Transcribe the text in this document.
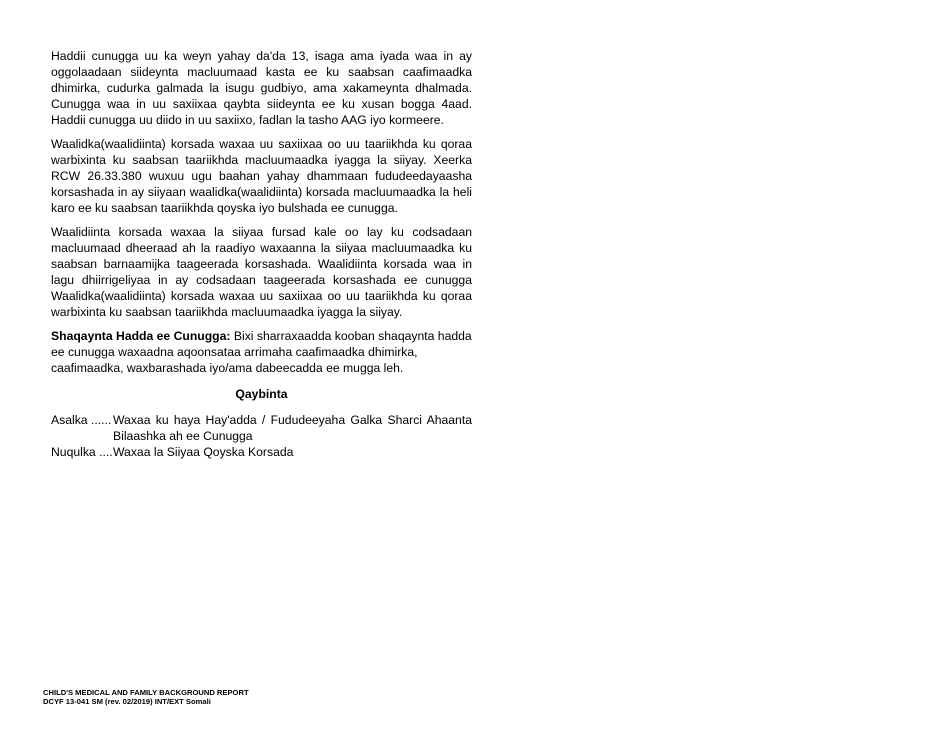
Haddii cunugga uu ka weyn yahay da'da 13, isaga ama iyada waa in ay oggolaadaan siideynta macluumaad kasta ee ku saabsan caafimaadka dhimirka, cudurka galmada la isugu gudbiyo, ama xakameynta dhalmada. Cunugga waa in uu saxiixaa qaybta siideynta ee ku xusan bogga 4aad. Haddii cunugga uu diido in uu saxiixo, fadlan la tasho AAG iyo kormeere.

Waalidka(waalidiinta) korsada waxaa uu saxiixaa oo uu taariikhda ku qoraa warbixinta ku saabsan taariikhda macluumaadka iyagga la siiyay. Xeerka RCW 26.33.380 wuxuu ugu baahan yahay dhammaan fududeedayaasha korsashada in ay siiyaan waalidka(waalidiinta) korsada macluumaadka la heli karo ee ku saabsan taariikhda qoyska iyo bulshada ee cunugga.

Waalidiinta korsada waxaa la siiyaa fursad kale oo lay ku codsadaan macluumaad dheeraad ah la raadiyo waxaanna la siiyaa macluumaadka ku saabsan barnaamijka taageerada korsashada. Waalidiinta korsada waa in lagu dhiirrigeliyaa in ay codsadaan taageerada korsashada ee cunugga Waalidka(waalidiinta) korsada waxaa uu saxiixaa oo uu taariikhda ku qoraa warbixinta ku saabsan taariikhda macluumaadka iyagga la siiyay.

Shaqaynta Hadda ee Cunugga: Bixi sharraxaadda kooban shaqaynta hadda ee cunugga waxaadna aqoonsataa arrimaha caafimaadka dhimirka, caafimaadka, waxbarashada iyo/ama dabeecadda ee mugga leh.

Qaybinta
Asalka ...... Waxaa ku haya Hay'adda / Fududeeyaha Galka Sharci Ahaanta Bilaashka ah ee Cunugga
Nuqulka .... Waxaa la Siiyaa Qoyska Korsada
CHILD'S MEDICAL AND FAMILY BACKGROUND REPORT
DCYF 13-041 SM (rev. 02/2019) INT/EXT Somali
